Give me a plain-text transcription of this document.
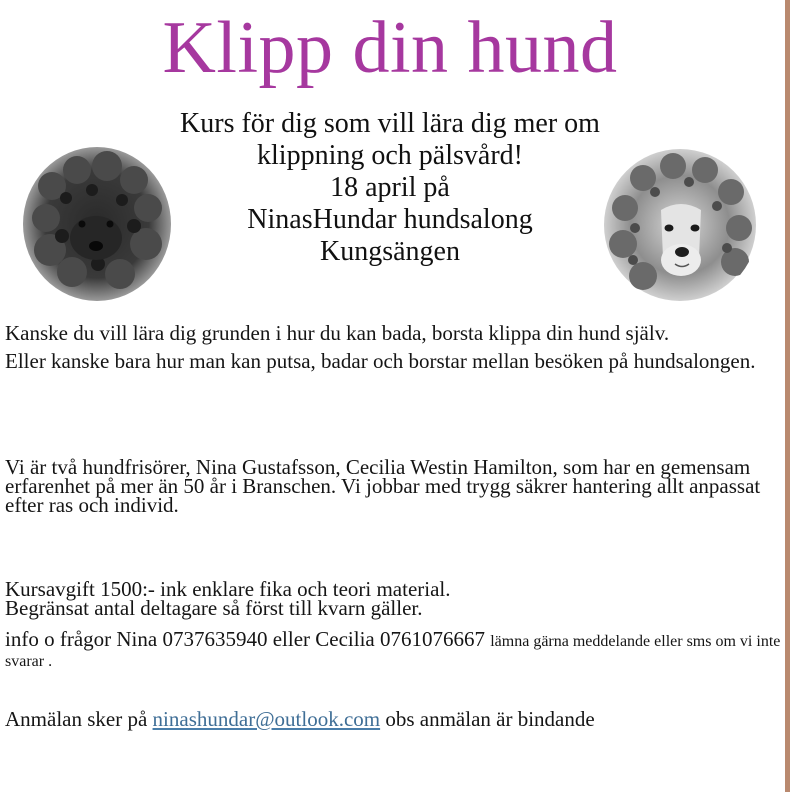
Klipp din hund
Kurs för dig som vill lära dig mer om
klippning och pälsvård!
18 april på
NinasHundar hundsalong
Kungsängen

Kanske du vill lära dig grunden i hur du kan bada, borsta klippa din hund själv.

Eller kanske bara hur man kan putsa, badar och borstar mellan besöken på hundsalongen.

Vi är två hundfrisörer, Nina Gustafsson, Cecilia Westin Hamilton, som har en gemensam erfarenhet på mer än 50 år i Branschen. Vi jobbar med trygg säkrer hantering allt anpassat efter ras och individ.

Kursavgift 1500:- ink enklare fika och teori material.

Begränsat antal deltagare så först till kvarn gäller.

info o frågor Nina 0737635940 eller Cecilia 0761076667 lämna gärna meddelande eller sms om vi inte svarar .
Anmälan sker på ninashundar@outlook.com obs anmälan är bindande
